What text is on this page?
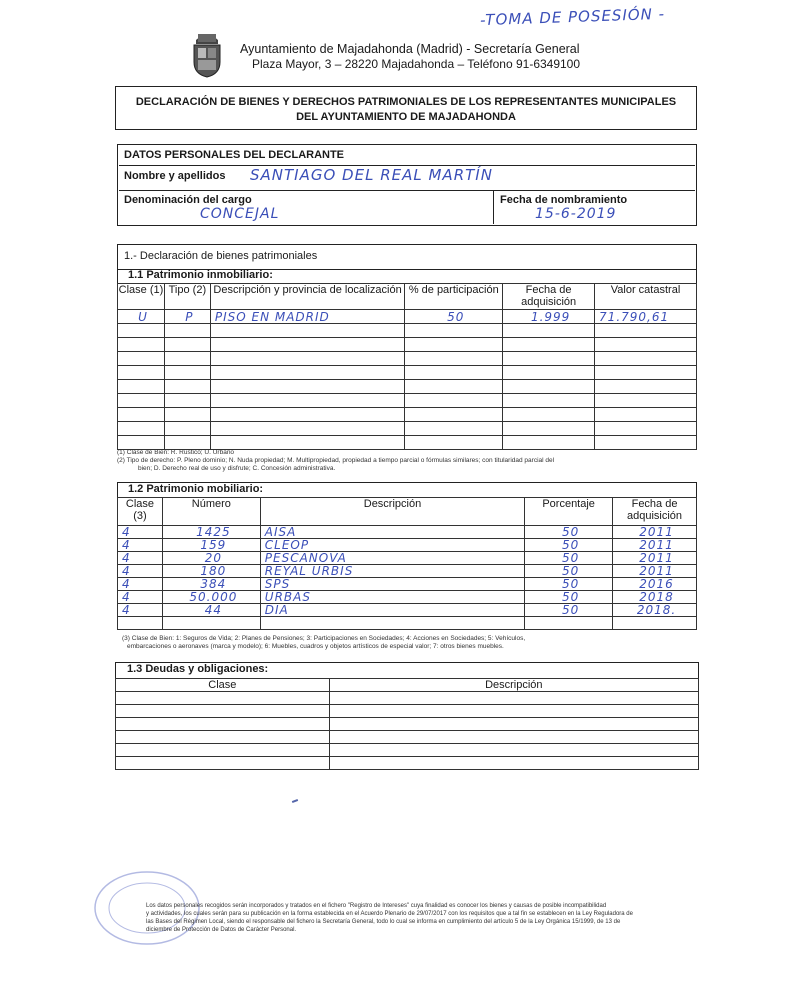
-TOMA DE POSESIÓN -
Ayuntamiento de Majadahonda (Madrid) - Secretaría General
Plaza Mayor, 3 – 28220 Majadahonda – Teléfono 91-6349100
DECLARACIÓN DE BIENES Y DERECHOS PATRIMONIALES DE LOS REPRESENTANTES MUNICIPALES
DEL AYUNTAMIENTO DE MAJADAHONDA
DATOS PERSONALES DEL DECLARANTE
Nombre y apellidos SANTIAGO DEL REAL MARTÍN
Denominación del cargo
CONCEJAL
Fecha de nombramiento
15-6-2019
1.- Declaración de bienes patrimoniales
1.1 Patrimonio inmobiliario:
Clase (1)	Tipo (2)	Descripción y provincia de localización	% de participación	Fecha de adquisición	Valor catastral
U	P	PISO EN MADRID	50	1.999	71.790,61

(1) Clase de Bien: R. Rustico; U. Urbano
(2) Tipo de derecho: P. Pleno dominio; N. Nuda propiedad; M. Multipropiedad, propiedad a tiempo parcial o fórmulas similares; con titularidad parcial del
bien; D. Derecho real de uso y disfrute; C. Concesión administrativa.
1.2 Patrimonio mobiliario:
Clase (3)	Número	Descripción	Porcentaje	Fecha de adquisición
4	1425	AISA	50	2011
4	159	CLEOP	50	2011
4	20	PESCANOVA	50	2011
4	180	REYAL URBIS	50	2011
4	384	SPS	50	2016
4	50.000	URBAS	50	2018
4	44	DIA	50	2018.

(3) Clase de Bien: 1: Seguros de Vida; 2: Planes de Pensiones; 3: Participaciones en Sociedades; 4: Acciones en Sociedades; 5: Vehículos,
embarcaciones o aeronaves (marca y modelo); 6: Muebles, cuadros y objetos artísticos de especial valor; 7: otros bienes muebles.
1.3 Deudas y obligaciones:
Clase	Descripción

Los datos personales recogidos serán incorporados y tratados en el fichero "Registro de Intereses" cuya finalidad es conocer los bienes y causas de posible incompatibilidad
y actividades, los cuales serán para su publicación en la forma establecida en el Acuerdo Plenario de 29/07/2017 con los requisitos que a tal fin se establecen en la Ley Reguladora de
las Bases del Régimen Local, siendo el responsable del fichero la Secretaría General, todo lo cual se informa en cumplimiento del artículo 5 de la Ley Orgánica 15/1999, de 13 de
diciembre de Protección de Datos de Carácter Personal.
